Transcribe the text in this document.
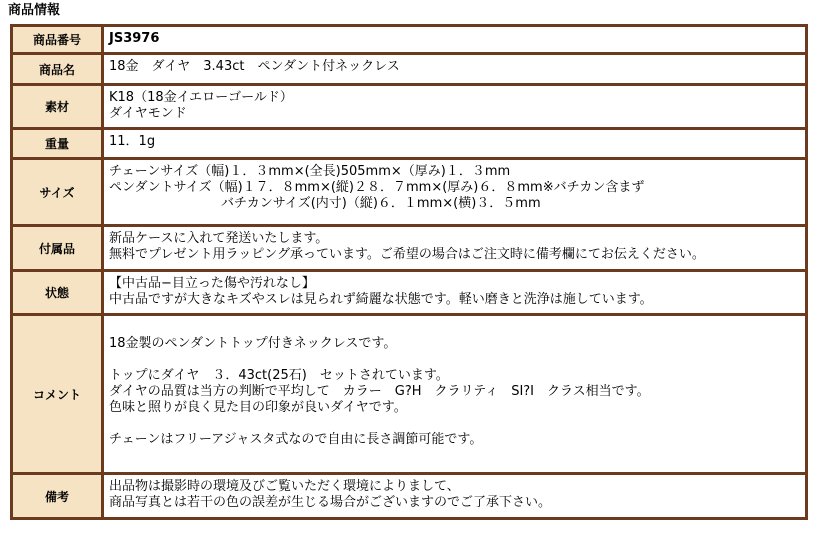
商品情報
商品番号	JS3976

商品名	18金　ダイヤ　3.43ct　ペンダント付ネックレス

素材	K18（18金イエローゴールド）
ダイヤモンド

重量	11．1g

サイズ	チェーンサイズ（幅)１．３mm×(全長)505mm×（厚み)１．３mm
ペンダントサイズ（幅)１７．８mm×(縦)２８．７mm×(厚み)６．８mm※バチカン含まず
バチカンサイズ(内寸)（縦)６．１mm×(横)３．５mm

付属品	新品ケースに入れて発送いたします。
無料でプレゼント用ラッピング承っています。ご希望の場合はご注文時に備考欄にてお伝えください。

状態	【中古品−目立った傷や汚れなし】
中古品ですが大きなキズやスレは見られず綺麗な状態です。軽い磨きと洗浄は施しています。

コメント	18金製のペンダントトップ付きネックレスです。
トップにダイヤ　３．43ct(25石)　セットされています。
ダイヤの品質は当方の判断で平均して　カラー　G?H　クラリティ　SI?I　クラス相当です。
色味と照りが良く見た目の印象が良いダイヤです。
チェーンはフリーアジャスタ式なので自由に長さ調節可能です。

備考	出品物は撮影時の環境及びご覧いただく環境によりまして、
商品写真とは若干の色の誤差が生じる場合がございますのでご了承下さい。
